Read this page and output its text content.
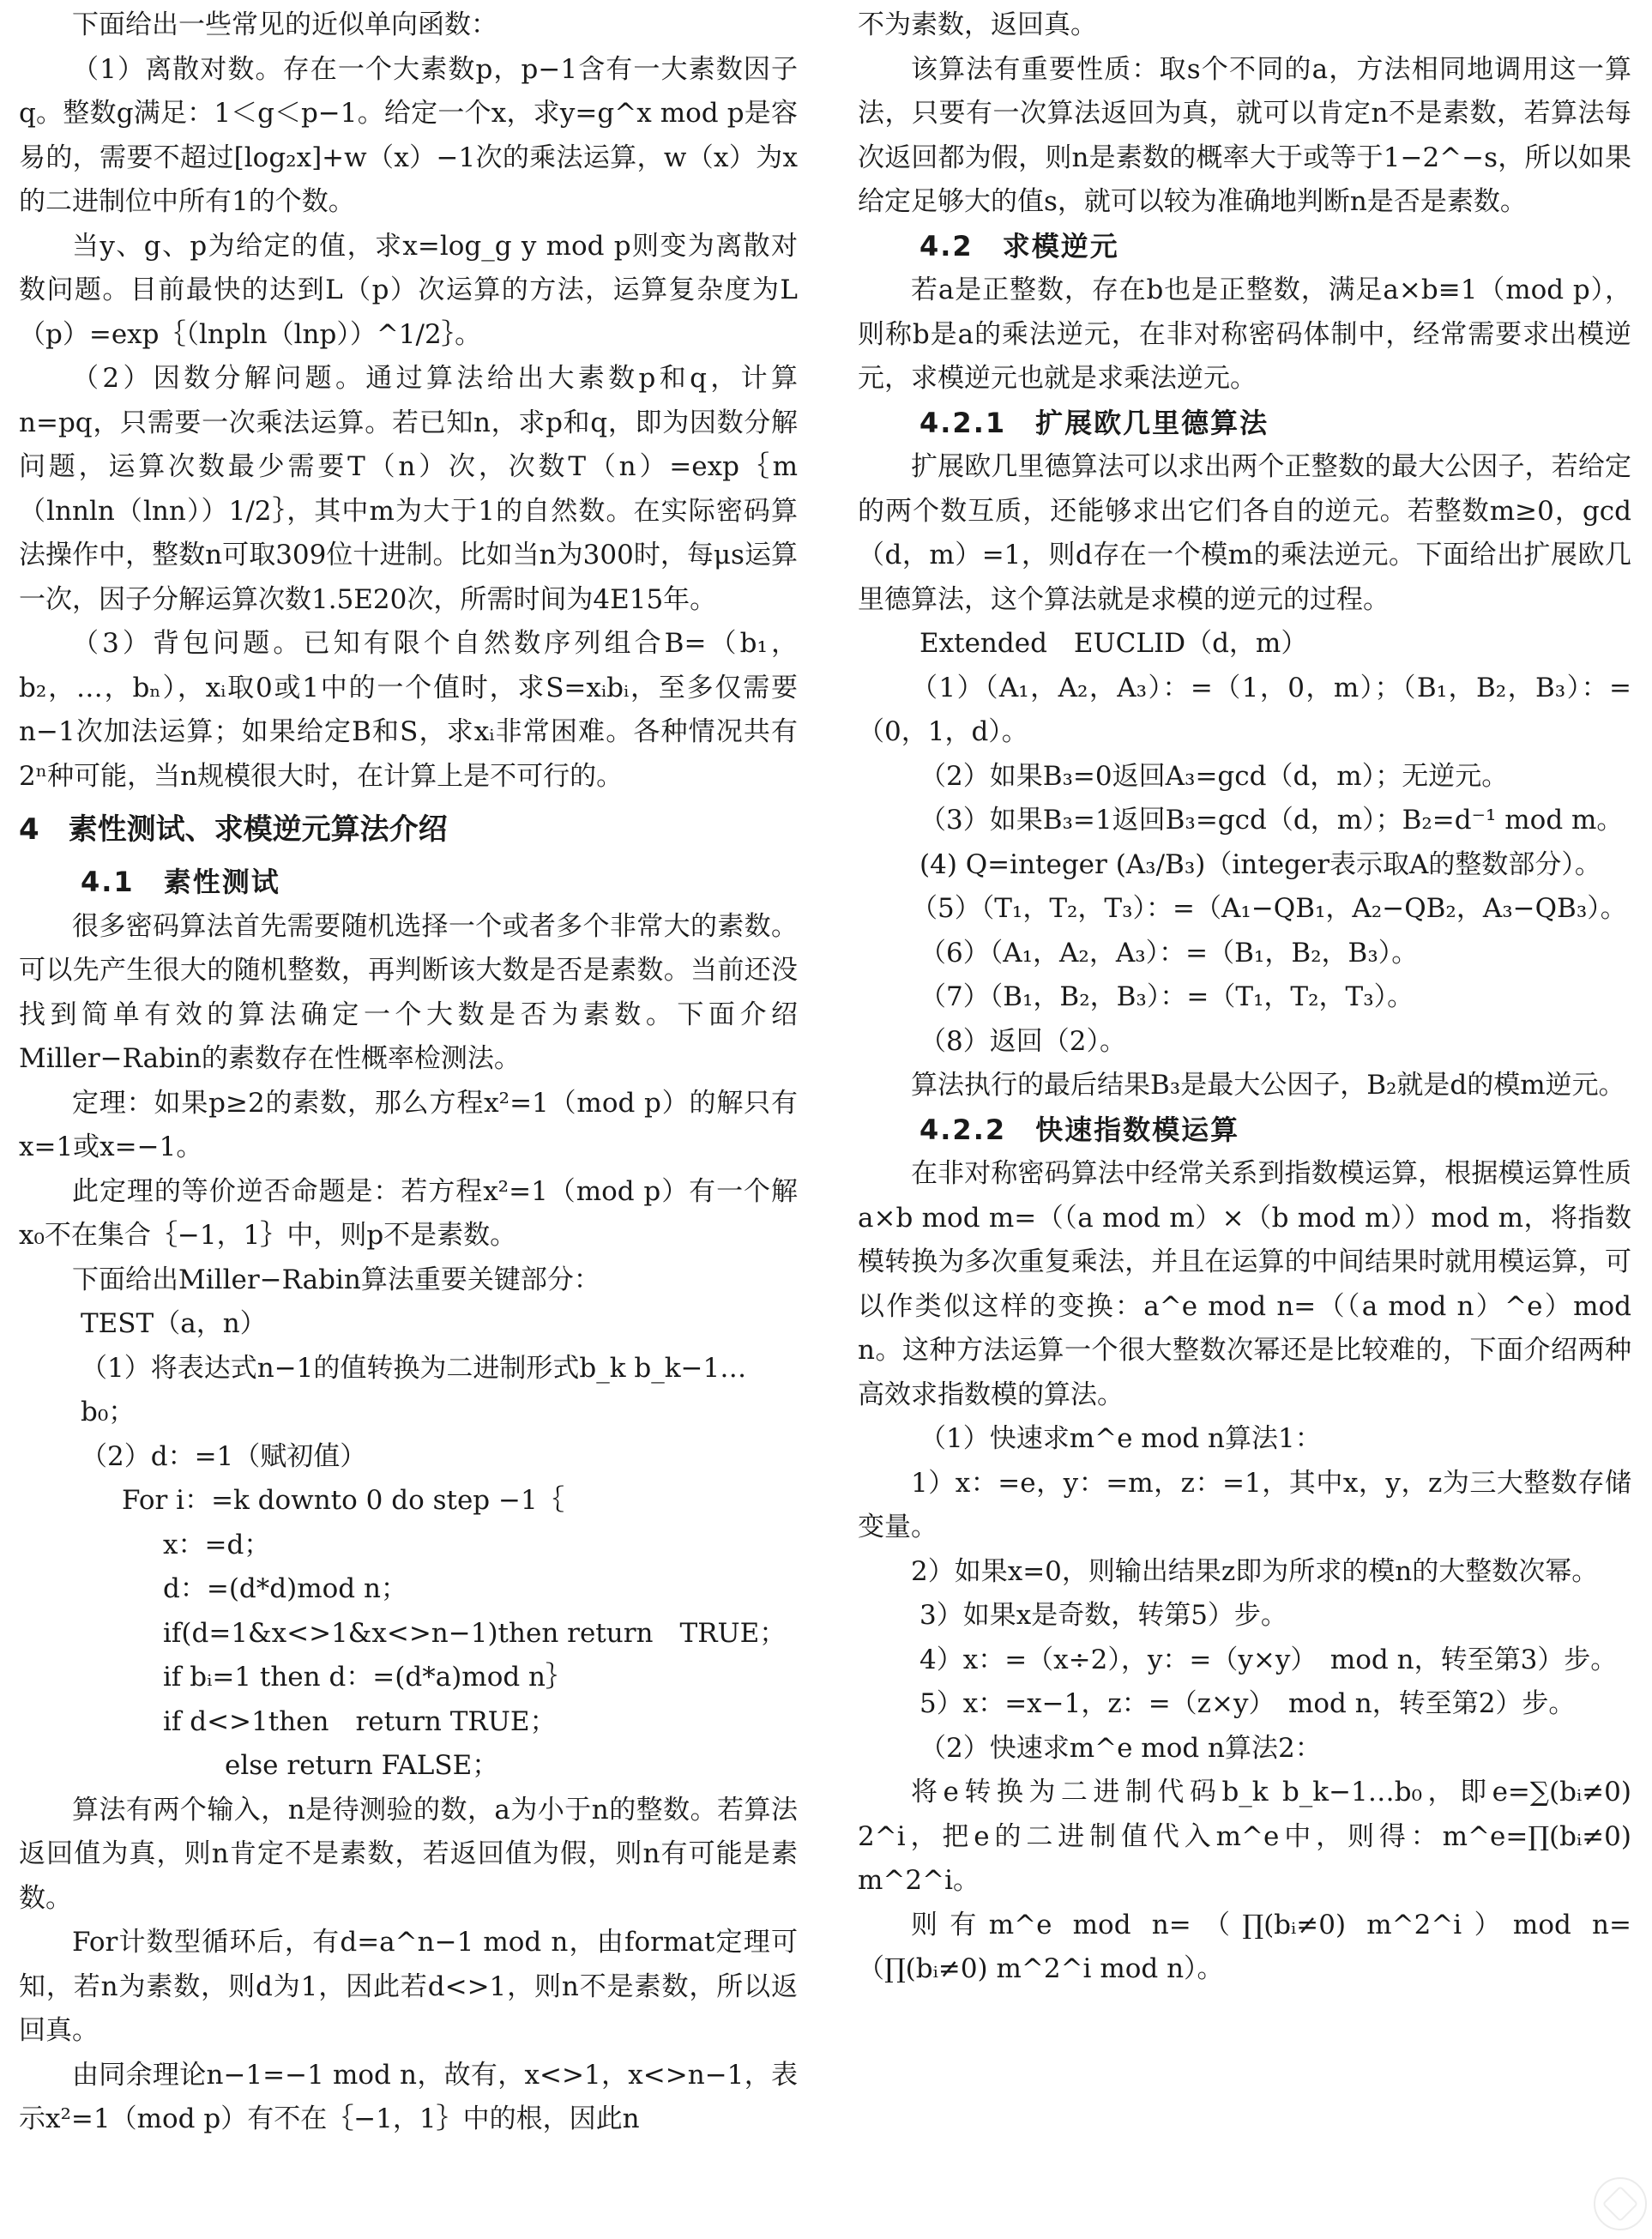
下面给出一些常见的近似单向函数：

（1）离散对数。存在一个大素数p，p−1含有一大素数因子q。整数g满足：1＜g＜p−1。给定一个x，求y=g^x mod p是容易的，需要不超过[log₂x]+w（x）−1次的乘法运算，w（x）为x的二进制位中所有1的个数。

当y、g、p为给定的值，求x=log_g y mod p则变为离散对数问题。目前最快的达到L（p）次运算的方法，运算复杂度为L（p）=exp｛（lnpln（lnp））^1/2｝。

（2）因数分解问题。通过算法给出大素数p和q，计算n=pq，只需要一次乘法运算。若已知n，求p和q，即为因数分解问题，运算次数最少需要T（n）次，次数T（n）=exp｛m（lnnln（lnn））1/2｝，其中m为大于1的自然数。在实际密码算法操作中，整数n可取309位十进制。比如当n为300时，每μs运算一次，因子分解运算次数1.5E20次，所需时间为4E15年。

（3）背包问题。已知有限个自然数序列组合B=（b₁，b₂，…，bₙ），xᵢ取0或1中的一个值时，求S=xᵢbᵢ，至多仅需要n−1次加法运算；如果给定B和S，求xᵢ非常困难。各种情况共有2ⁿ种可能，当n规模很大时，在计算上是不可行的。

4　素性测试、求模逆元算法介绍
4.1　素性测试

很多密码算法首先需要随机选择一个或者多个非常大的素数。可以先产生很大的随机整数，再判断该大数是否是素数。当前还没找到简单有效的算法确定一个大数是否为素数。下面介绍Miller−Rabin的素数存在性概率检测法。

定理：如果p≥2的素数，那么方程x²=1（mod p）的解只有x=1或x=−1。

此定理的等价逆否命题是：若方程x²=1（mod p）有一个解x₀不在集合｛−1，1｝中，则p不是素数。

下面给出Miller−Rabin算法重要关键部分：

TEST（a，n）

（1）将表达式n−1的值转换为二进制形式b_k b_k−1…b₀；

（2）d：=1（赋初值）

For i：=k downto 0 do step −1｛

x：=d；

d：=(d*d)mod n；

if(d=1&x<>1&x<>n−1)then return　TRUE；

if bᵢ=1 then d：=(d*a)mod n｝

if d<>1then　return TRUE；

else return FALSE；

算法有两个输入，n是待测验的数，a为小于n的整数。若算法返回值为真，则n肯定不是素数，若返回值为假，则n有可能是素数。

For计数型循环后，有d=a^n−1 mod n，由format定理可知，若n为素数，则d为1，因此若d<>1，则n不是素数，所以返回真。

由同余理论n−1=−1 mod n，故有，x<>1，x<>n−1，表示x²=1（mod p）有不在｛−1，1｝中的根，因此n

不为素数，返回真。

该算法有重要性质：取s个不同的a，方法相同地调用这一算法，只要有一次算法返回为真，就可以肯定n不是素数，若算法每次返回都为假，则n是素数的概率大于或等于1−2^−s，所以如果给定足够大的值s，就可以较为准确地判断n是否是素数。

4.2　求模逆元

若a是正整数，存在b也是正整数，满足a×b≡1（mod p），则称b是a的乘法逆元，在非对称密码体制中，经常需要求出模逆元，求模逆元也就是求乘法逆元。

4.2.1　扩展欧几里德算法

扩展欧几里德算法可以求出两个正整数的最大公因子，若给定的两个数互质，还能够求出它们各自的逆元。若整数m≥0，gcd（d，m）=1，则d存在一个模m的乘法逆元。下面给出扩展欧几里德算法，这个算法就是求模的逆元的过程。

Extended　EUCLID（d，m）

（1）（A₁，A₂，A₃）：=（1，0，m）；（B₁，B₂，B₃）：=（0，1，d）。

（2）如果B₃=0返回A₃=gcd（d，m）；无逆元。

（3）如果B₃=1返回B₃=gcd（d，m）；B₂=d⁻¹ mod m。

(4) Q=integer (A₃/B₃)（integer表示取A的整数部分）。

（5）（T₁，T₂，T₃）：=（A₁−QB₁，A₂−QB₂，A₃−QB₃）。

（6）（A₁，A₂，A₃）：=（B₁，B₂，B₃）。

（7）（B₁，B₂，B₃）：=（T₁，T₂，T₃）。

（8）返回（2）。

算法执行的最后结果B₃是最大公因子，B₂就是d的模m逆元。

4.2.2　快速指数模运算

在非对称密码算法中经常关系到指数模运算，根据模运算性质a×b mod m=（（a mod m）×（b mod m））mod m，将指数模转换为多次重复乘法，并且在运算的中间结果时就用模运算，可以作类似这样的变换：a^e mod n=（（a mod n）^e）mod n。这种方法运算一个很大整数次幂还是比较难的，下面介绍两种高效求指数模的算法。

（1）快速求m^e mod n算法1：

1）x：=e，y：=m，z：=1，其中x，y，z为三大整数存储变量。

2）如果x=0，则输出结果z即为所求的模n的大整数次幂。

3）如果x是奇数，转第5）步。

4）x：=（x÷2），y：=（y×y）　mod n，转至第3）步。

5）x：=x−1，z：=（z×y）　mod n，转至第2）步。

（2）快速求m^e mod n算法2：

将e转换为二进制代码b_k b_k−1…b₀，即e=∑(bᵢ≠0) 2^i，把e的二进制值代入m^e中，则得：m^e=∏(bᵢ≠0) m^2^i。

则有m^e mod n=（∏(bᵢ≠0) m^2^i）mod n=（∏(bᵢ≠0) m^2^i mod n）。
